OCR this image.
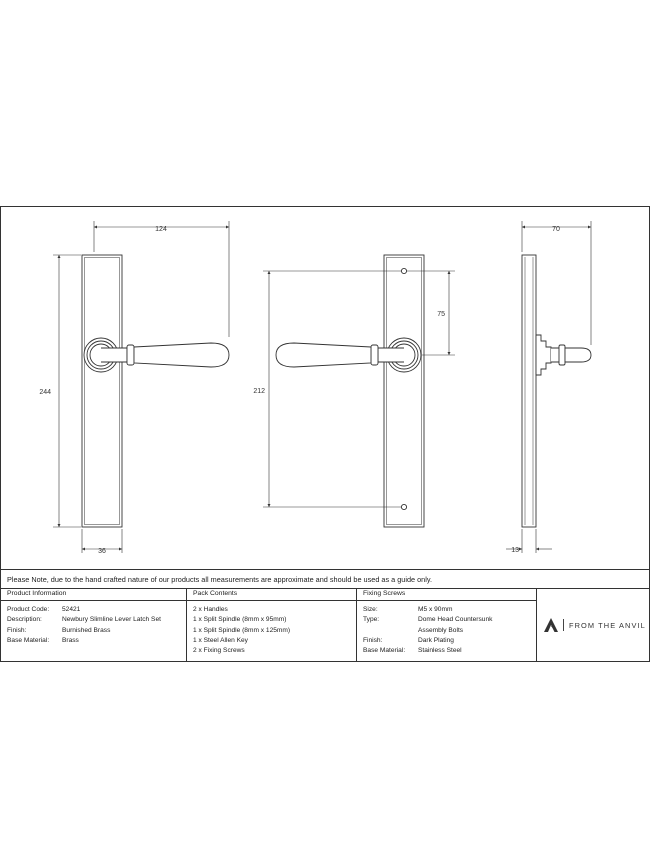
124
244
36
212
75
70
13
Please Note, due to the hand crafted nature of our products all measurements are approximate and should be used as a guide only.
Product Information
Product Code:	52421
Description:	Newbury Slimline Lever Latch Set
Finish:	Burnished Brass
Base Material:	Brass
Pack Contents
2 x Handles
1 x Split Spindle (8mm x 95mm)
1 x Split Spindle (8mm x 125mm)
1 x Steel Allen Key
2 x Fixing Screws
Fixing Screws
Size:	M5 x 90mm
Type:	Dome Head Countersunk
Assembly Bolts
Finish:	Dark Plating
Base Material:	Stainless Steel
FROM THE ANVIL
